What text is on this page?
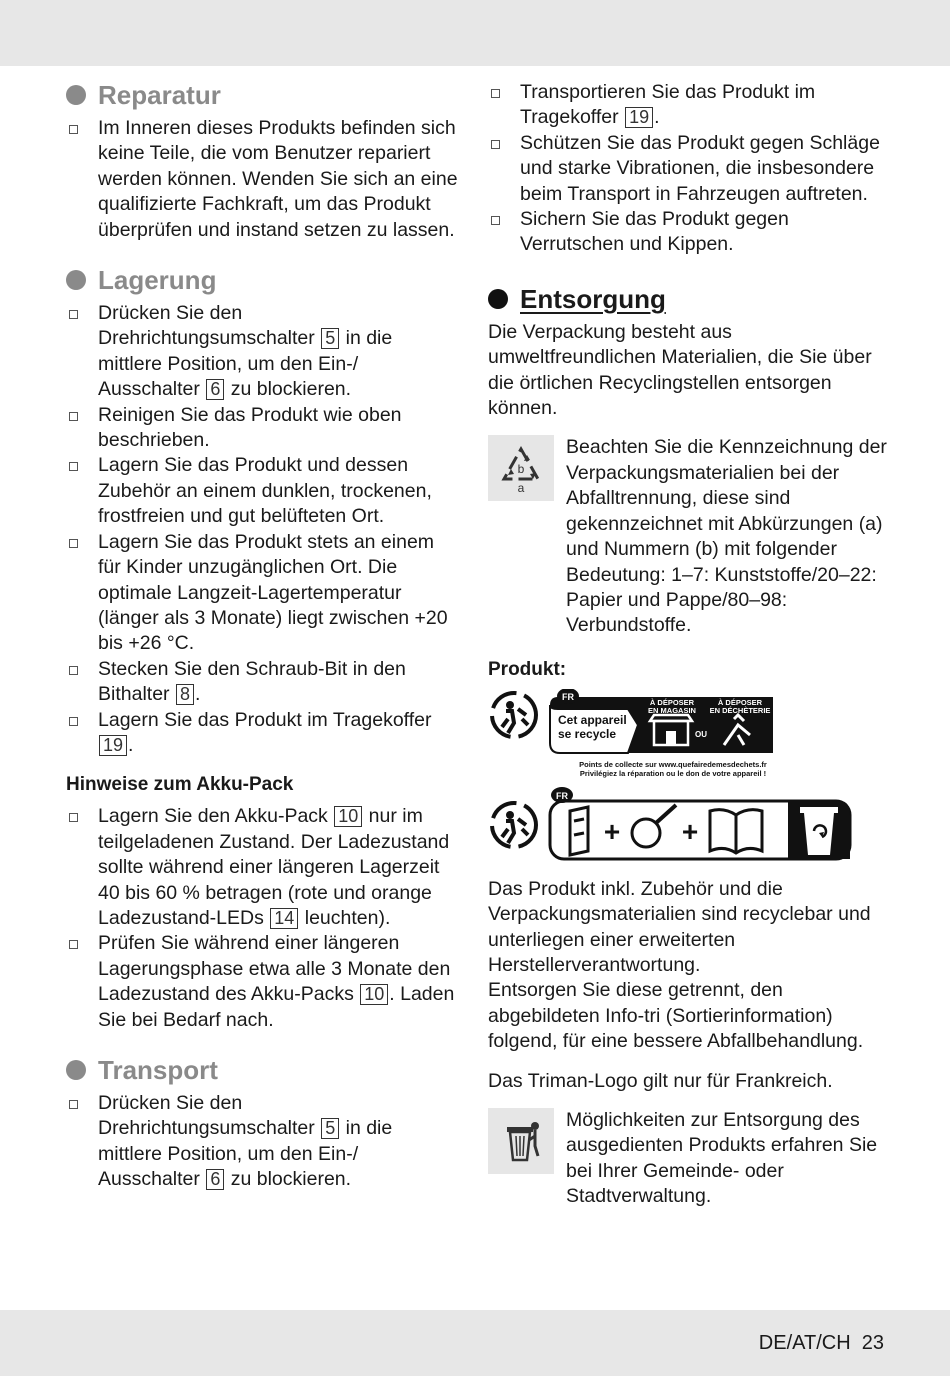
Reparatur
Im Inneren dieses Produkts befinden sich keine Teile, die vom Benutzer repariert werden können. Wenden Sie sich an eine qualifizierte Fachkraft, um das Produkt überprüfen und instand setzen zu lassen.
Lagerung
Drücken Sie den Drehrichtungsumschalter 5 in die mittlere Position, um den Ein-/ Ausschalter 6 zu blockieren.
Reinigen Sie das Produkt wie oben beschrieben.
Lagern Sie das Produkt und dessen Zubehör an einem dunklen, trockenen, frostfreien und gut belüfteten Ort.
Lagern Sie das Produkt stets an einem für Kinder unzugänglichen Ort. Die optimale Langzeit-Lagertemperatur (länger als 3 Monate) liegt zwischen +20 bis +26 °C.
Stecken Sie den Schraub-Bit in den Bithalter 8 .
Lagern Sie das Produkt im Tragekoffer 19 .
Hinweise zum Akku-Pack
Lagern Sie den Akku-Pack 10 nur im teilgeladenen Zustand. Der Ladezustand sollte während einer längeren Lagerzeit 40 bis 60 % betragen (rote und orange Ladezustand-LEDs 14 leuchten).
Prüfen Sie während einer längeren Lagerungsphase etwa alle 3 Monate den Ladezustand des Akku-Packs 10 . Laden Sie bei Bedarf nach.
Transport
Drücken Sie den Drehrichtungsumschalter 5 in die mittlere Position, um den Ein-/ Ausschalter 6 zu blockieren.
Transportieren Sie das Produkt im Tragekoffer 19 .
Schützen Sie das Produkt gegen Schläge und starke Vibrationen, die insbesondere beim Transport in Fahrzeugen auftreten.
Sichern Sie das Produkt gegen Verrutschen und Kippen.
Entsorgung

Die Verpackung besteht aus umweltfreundlichen Materialien, die Sie über die örtlichen Recyclingstellen entsorgen können.

b
a
Beachten Sie die Kennzeichnung der Verpackungsmaterialien bei der Abfalltrennung, diese sind gekennzeichnet mit Abkürzungen (a) und Nummern (b) mit folgender Bedeutung: 1–7: Kunststoffe/20–22: Papier und Pappe/80–98: Verbundstoffe.
Produkt:
FR
Cet appareil
se recycle
À DÉPOSER
EN MAGASIN
OU
À DÉPOSER
EN DÉCHÈTERIE
Points de collecte sur www.quefairedemesdechets.fr
Privilégiez la réparation ou le don de votre appareil !
FR
+ +

Das Produkt inkl. Zubehör und die Verpackungsmaterialien sind recyclebar und unterliegen einer erweiterten Herstellerverantwortung.

Entsorgen Sie diese getrennt, den abgebildeten Info-tri (Sortierinformation) folgend, für eine bessere Abfallbehandlung.

Das Triman-Logo gilt nur für Frankreich.

Möglichkeiten zur Entsorgung des ausgedienten Produkts erfahren Sie bei Ihrer Gemeinde- oder Stadtverwaltung.
DE/AT/CH  23
